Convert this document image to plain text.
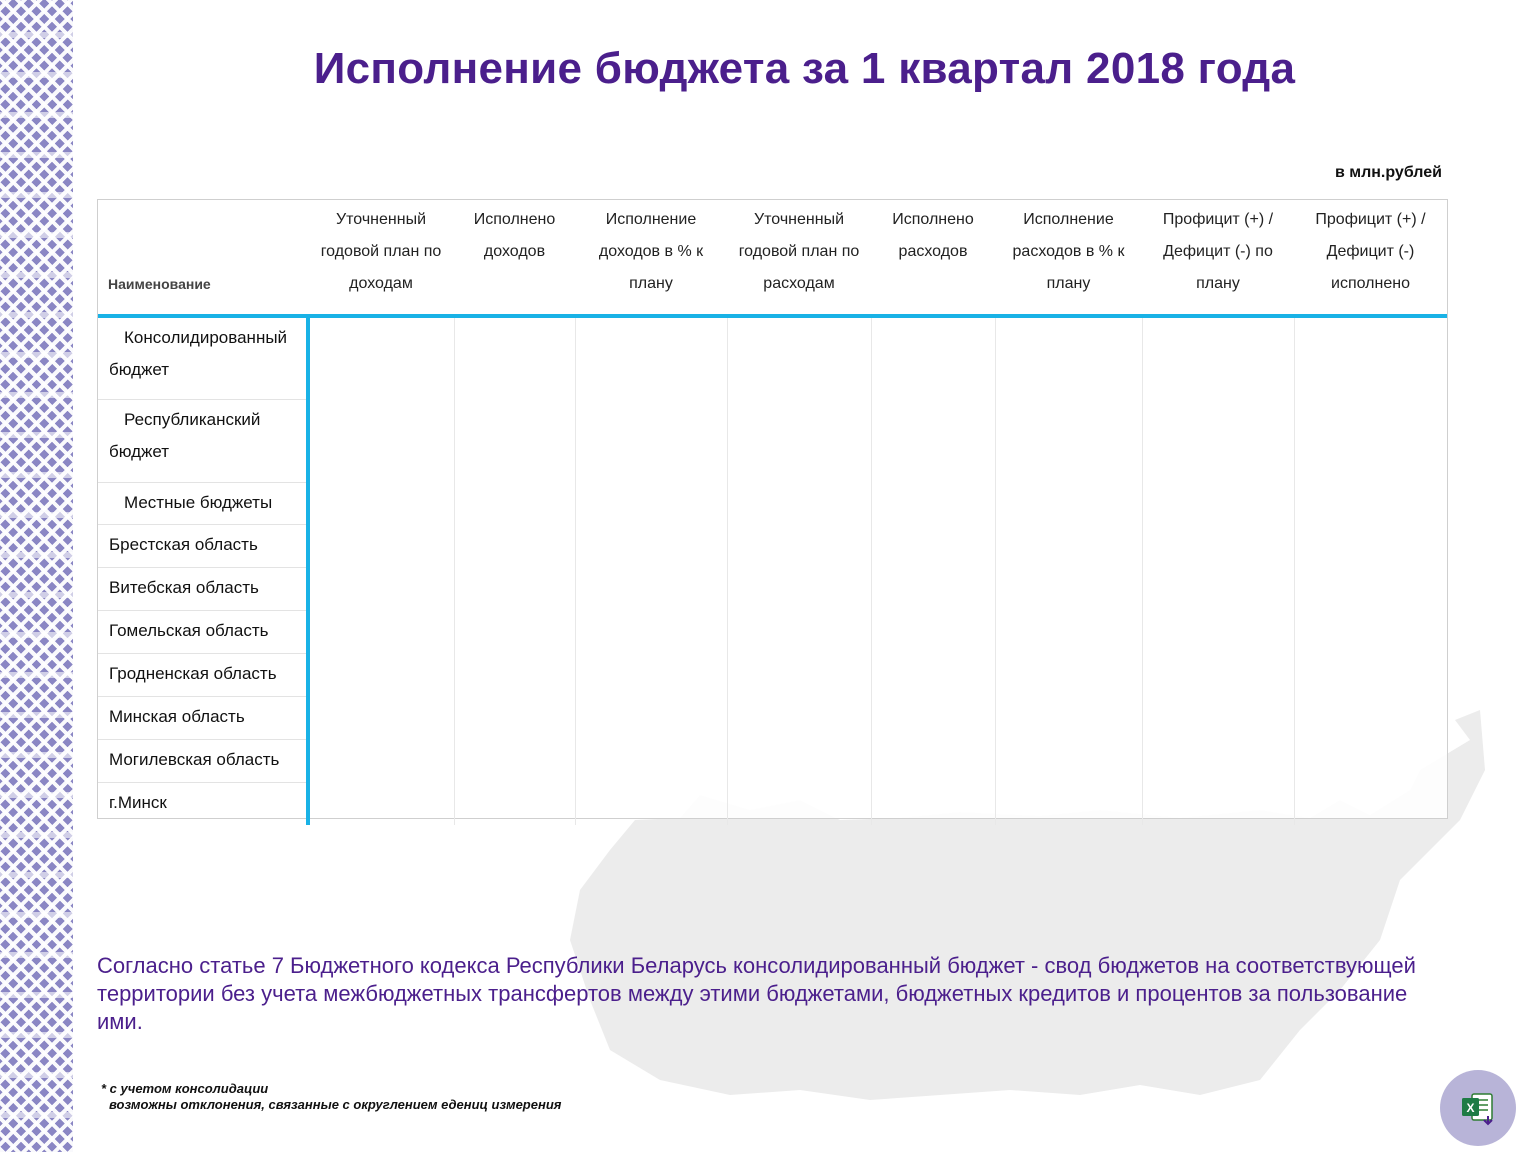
Исполнение бюджета за 1 квартал 2018 года
в млн.рублей
Наименование	Уточненный годовой план по доходам	Исполнено доходов	Исполнение доходов в % к плану	Уточненный годовой план по расходам	Исполнено расходов	Исполнение расходов в % к плану	Профицит (+) / Дефицит (-) по плану	Профицит (+) / Дефицит (-) исполнено
Консолидированный бюджет								
Республиканский бюджет								
Местные бюджеты								
Брестская область								
Витебская область								
Гомельская область								
Гродненская область								
Минская область								
Могилевская область								
г.Минск								
Согласно статье 7 Бюджетного кодекса Республики Беларусь консолидированный бюджет - свод бюджетов на соответствующей территории без учета межбюджетных трансфертов между этими бюджетами, бюджетных кредитов и процентов за пользование ими.
* с учетом консолидации
возможны отклонения, связанные с округлением едениц измерения	X
